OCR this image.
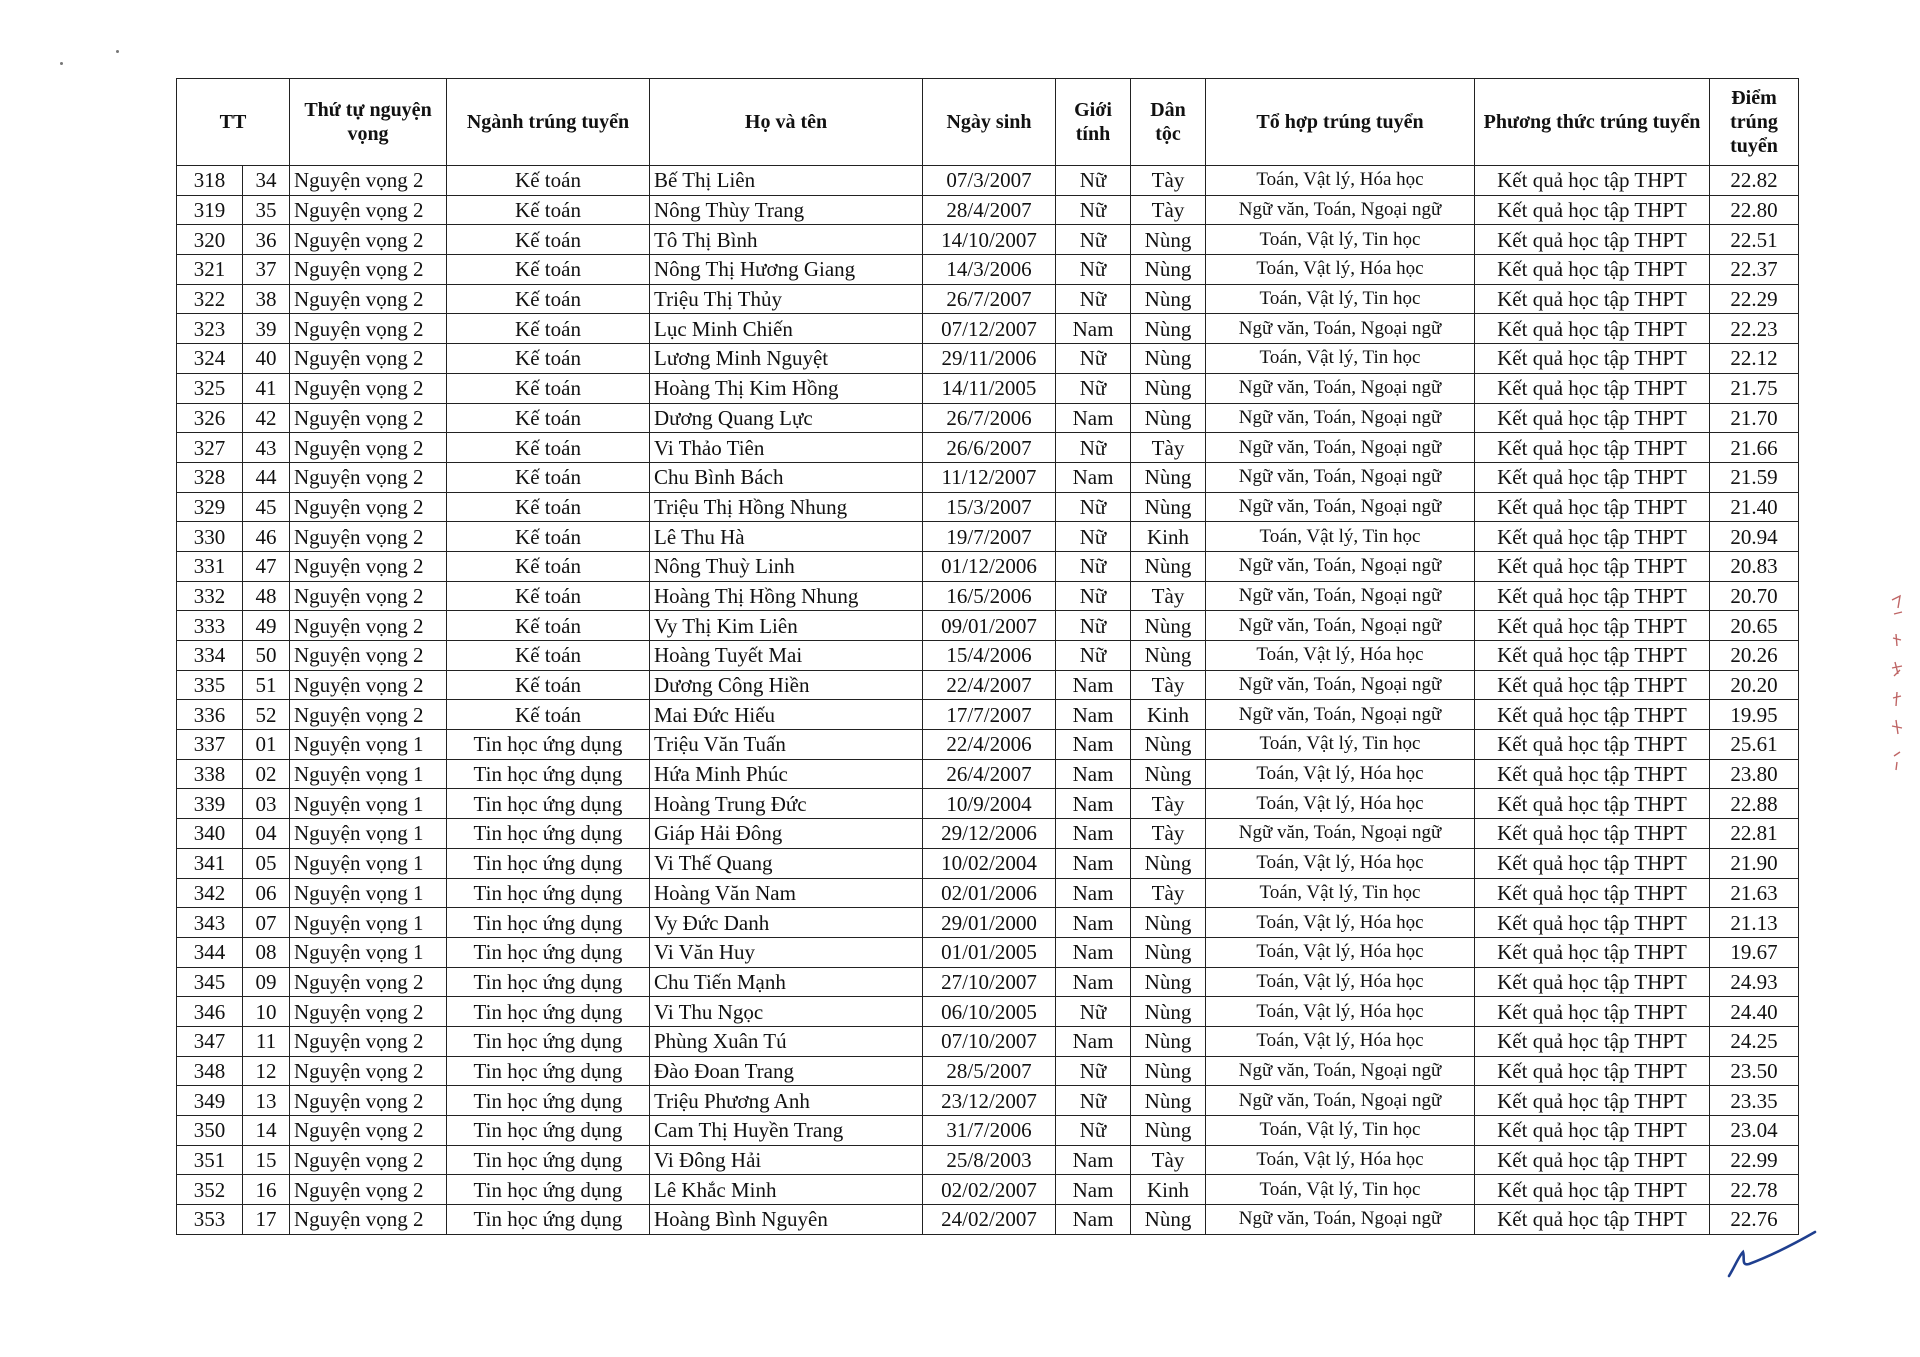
TT		Thứ tự nguyện vọng	Ngành trúng tuyển	Họ và tên	Ngày sinh	Giới tính	Dân tộc	Tổ hợp trúng tuyển	Phương thức trúng tuyển	Điểm trúng tuyển
318	34	Nguyện vọng 2	Kế toán	Bế Thị Liên	07/3/2007	Nữ	Tày	Toán, Vật lý, Hóa học	Kết quả học tập THPT	22.82
319	35	Nguyện vọng 2	Kế toán	Nông Thùy Trang	28/4/2007	Nữ	Tày	Ngữ văn, Toán, Ngoại ngữ	Kết quả học tập THPT	22.80
320	36	Nguyện vọng 2	Kế toán	Tô Thị Bình	14/10/2007	Nữ	Nùng	Toán, Vật lý, Tin học	Kết quả học tập THPT	22.51
321	37	Nguyện vọng 2	Kế toán	Nông Thị Hương Giang	14/3/2006	Nữ	Nùng	Toán, Vật lý, Hóa học	Kết quả học tập THPT	22.37
322	38	Nguyện vọng 2	Kế toán	Triệu Thị Thủy	26/7/2007	Nữ	Nùng	Toán, Vật lý, Tin học	Kết quả học tập THPT	22.29
323	39	Nguyện vọng 2	Kế toán	Lục Minh Chiến	07/12/2007	Nam	Nùng	Ngữ văn, Toán, Ngoại ngữ	Kết quả học tập THPT	22.23
324	40	Nguyện vọng 2	Kế toán	Lương Minh Nguyệt	29/11/2006	Nữ	Nùng	Toán, Vật lý, Tin học	Kết quả học tập THPT	22.12
325	41	Nguyện vọng 2	Kế toán	Hoàng Thị Kim Hồng	14/11/2005	Nữ	Nùng	Ngữ văn, Toán, Ngoại ngữ	Kết quả học tập THPT	21.75
326	42	Nguyện vọng 2	Kế toán	Dương Quang Lực	26/7/2006	Nam	Nùng	Ngữ văn, Toán, Ngoại ngữ	Kết quả học tập THPT	21.70
327	43	Nguyện vọng 2	Kế toán	Vi Thảo Tiên	26/6/2007	Nữ	Tày	Ngữ văn, Toán, Ngoại ngữ	Kết quả học tập THPT	21.66
328	44	Nguyện vọng 2	Kế toán	Chu Bình Bách	11/12/2007	Nam	Nùng	Ngữ văn, Toán, Ngoại ngữ	Kết quả học tập THPT	21.59
329	45	Nguyện vọng 2	Kế toán	Triệu Thị Hồng Nhung	15/3/2007	Nữ	Nùng	Ngữ văn, Toán, Ngoại ngữ	Kết quả học tập THPT	21.40
330	46	Nguyện vọng 2	Kế toán	Lê Thu Hà	19/7/2007	Nữ	Kinh	Toán, Vật lý, Tin học	Kết quả học tập THPT	20.94
331	47	Nguyện vọng 2	Kế toán	Nông Thuỳ Linh	01/12/2006	Nữ	Nùng	Ngữ văn, Toán, Ngoại ngữ	Kết quả học tập THPT	20.83
332	48	Nguyện vọng 2	Kế toán	Hoàng Thị Hồng Nhung	16/5/2006	Nữ	Tày	Ngữ văn, Toán, Ngoại ngữ	Kết quả học tập THPT	20.70
333	49	Nguyện vọng 2	Kế toán	Vy Thị Kim Liên	09/01/2007	Nữ	Nùng	Ngữ văn, Toán, Ngoại ngữ	Kết quả học tập THPT	20.65
334	50	Nguyện vọng 2	Kế toán	Hoàng Tuyết Mai	15/4/2006	Nữ	Nùng	Toán, Vật lý, Hóa học	Kết quả học tập THPT	20.26
335	51	Nguyện vọng 2	Kế toán	Dương Công Hiền	22/4/2007	Nam	Tày	Ngữ văn, Toán, Ngoại ngữ	Kết quả học tập THPT	20.20
336	52	Nguyện vọng 2	Kế toán	Mai Đức Hiếu	17/7/2007	Nam	Kinh	Ngữ văn, Toán, Ngoại ngữ	Kết quả học tập THPT	19.95
337	01	Nguyện vọng 1	Tin học ứng dụng	Triệu Văn Tuấn	22/4/2006	Nam	Nùng	Toán, Vật lý, Tin học	Kết quả học tập THPT	25.61
338	02	Nguyện vọng 1	Tin học ứng dụng	Hứa Minh Phúc	26/4/2007	Nam	Nùng	Toán, Vật lý, Hóa học	Kết quả học tập THPT	23.80
339	03	Nguyện vọng 1	Tin học ứng dụng	Hoàng Trung Đức	10/9/2004	Nam	Tày	Toán, Vật lý, Hóa học	Kết quả học tập THPT	22.88
340	04	Nguyện vọng 1	Tin học ứng dụng	Giáp Hải Đông	29/12/2006	Nam	Tày	Ngữ văn, Toán, Ngoại ngữ	Kết quả học tập THPT	22.81
341	05	Nguyện vọng 1	Tin học ứng dụng	Vi Thế Quang	10/02/2004	Nam	Nùng	Toán, Vật lý, Hóa học	Kết quả học tập THPT	21.90
342	06	Nguyện vọng 1	Tin học ứng dụng	Hoàng Văn Nam	02/01/2006	Nam	Tày	Toán, Vật lý, Tin học	Kết quả học tập THPT	21.63
343	07	Nguyện vọng 1	Tin học ứng dụng	Vy Đức Danh	29/01/2000	Nam	Nùng	Toán, Vật lý, Hóa học	Kết quả học tập THPT	21.13
344	08	Nguyện vọng 1	Tin học ứng dụng	Vi Văn Huy	01/01/2005	Nam	Nùng	Toán, Vật lý, Hóa học	Kết quả học tập THPT	19.67
345	09	Nguyện vọng 2	Tin học ứng dụng	Chu Tiến Mạnh	27/10/2007	Nam	Nùng	Toán, Vật lý, Hóa học	Kết quả học tập THPT	24.93
346	10	Nguyện vọng 2	Tin học ứng dụng	Vi Thu Ngọc	06/10/2005	Nữ	Nùng	Toán, Vật lý, Hóa học	Kết quả học tập THPT	24.40
347	11	Nguyện vọng 2	Tin học ứng dụng	Phùng Xuân Tú	07/10/2007	Nam	Nùng	Toán, Vật lý, Hóa học	Kết quả học tập THPT	24.25
348	12	Nguyện vọng 2	Tin học ứng dụng	Đào Đoan Trang	28/5/2007	Nữ	Nùng	Ngữ văn, Toán, Ngoại ngữ	Kết quả học tập THPT	23.50
349	13	Nguyện vọng 2	Tin học ứng dụng	Triệu Phương Anh	23/12/2007	Nữ	Nùng	Ngữ văn, Toán, Ngoại ngữ	Kết quả học tập THPT	23.35
350	14	Nguyện vọng 2	Tin học ứng dụng	Cam Thị Huyền Trang	31/7/2006	Nữ	Nùng	Toán, Vật lý, Tin học	Kết quả học tập THPT	23.04
351	15	Nguyện vọng 2	Tin học ứng dụng	Vi Đông Hải	25/8/2003	Nam	Tày	Toán, Vật lý, Hóa học	Kết quả học tập THPT	22.99
352	16	Nguyện vọng 2	Tin học ứng dụng	Lê Khắc Minh	02/02/2007	Nam	Kinh	Toán, Vật lý, Tin học	Kết quả học tập THPT	22.78
353	17	Nguyện vọng 2	Tin học ứng dụng	Hoàng Bình Nguyên	24/02/2007	Nam	Nùng	Ngữ văn, Toán, Ngoại ngữ	Kết quả học tập THPT	22.76
